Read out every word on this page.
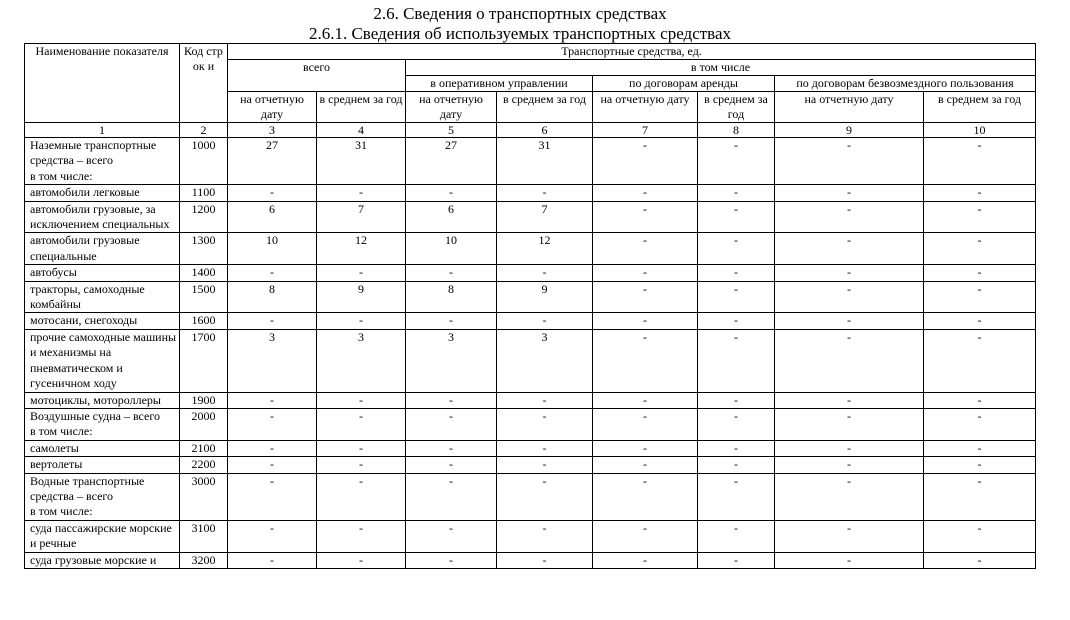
2.6. Сведения о транспортных средствах
2.6.1. Сведения об используемых транспортных средствах
Наименование показателя	Код строк и	Транспортные средства, ед.							
		всего		в том числе					
				в оперативном управлении		по договорам аренды		по договорам безвозмездного пользования	
		на отчетную дату	в среднем за год	на отчетную дату	в среднем за год	на отчетную дату	в среднем за год	на отчетную дату	в среднем за год
1	2	3	4	5	6	7	8	9	10
Наземные транспортные средства – всего
в том числе:	1000	27	31	27	31	-	-	-	-
автомобили легковые	1100	-	-	-	-	-	-	-	-
автомобили грузовые, за исключением специальных	1200	6	7	6	7	-	-	-	-
автомобили грузовые специальные	1300	10	12	10	12	-	-	-	-
автобусы	1400	-	-	-	-	-	-	-	-
тракторы, самоходные комбайны	1500	8	9	8	9	-	-	-	-
мотосани, снегоходы	1600	-	-	-	-	-	-	-	-
прочие самоходные машины и механизмы на пневматическом и гусеничном ходу	1700	3	3	3	3	-	-	-	-
мотоциклы, мотороллеры	1900	-	-	-	-	-	-	-	-
Воздушные судна – всего
в том числе:	2000	-	-	-	-	-	-	-	-
самолеты	2100	-	-	-	-	-	-	-	-
вертолеты	2200	-	-	-	-	-	-	-	-
Водные транспортные средства – всего
в том числе:	3000	-	-	-	-	-	-	-	-
суда пассажирские морские и речные	3100	-	-	-	-	-	-	-	-
суда грузовые морские и	3200	-	-	-	-	-	-	-	-
